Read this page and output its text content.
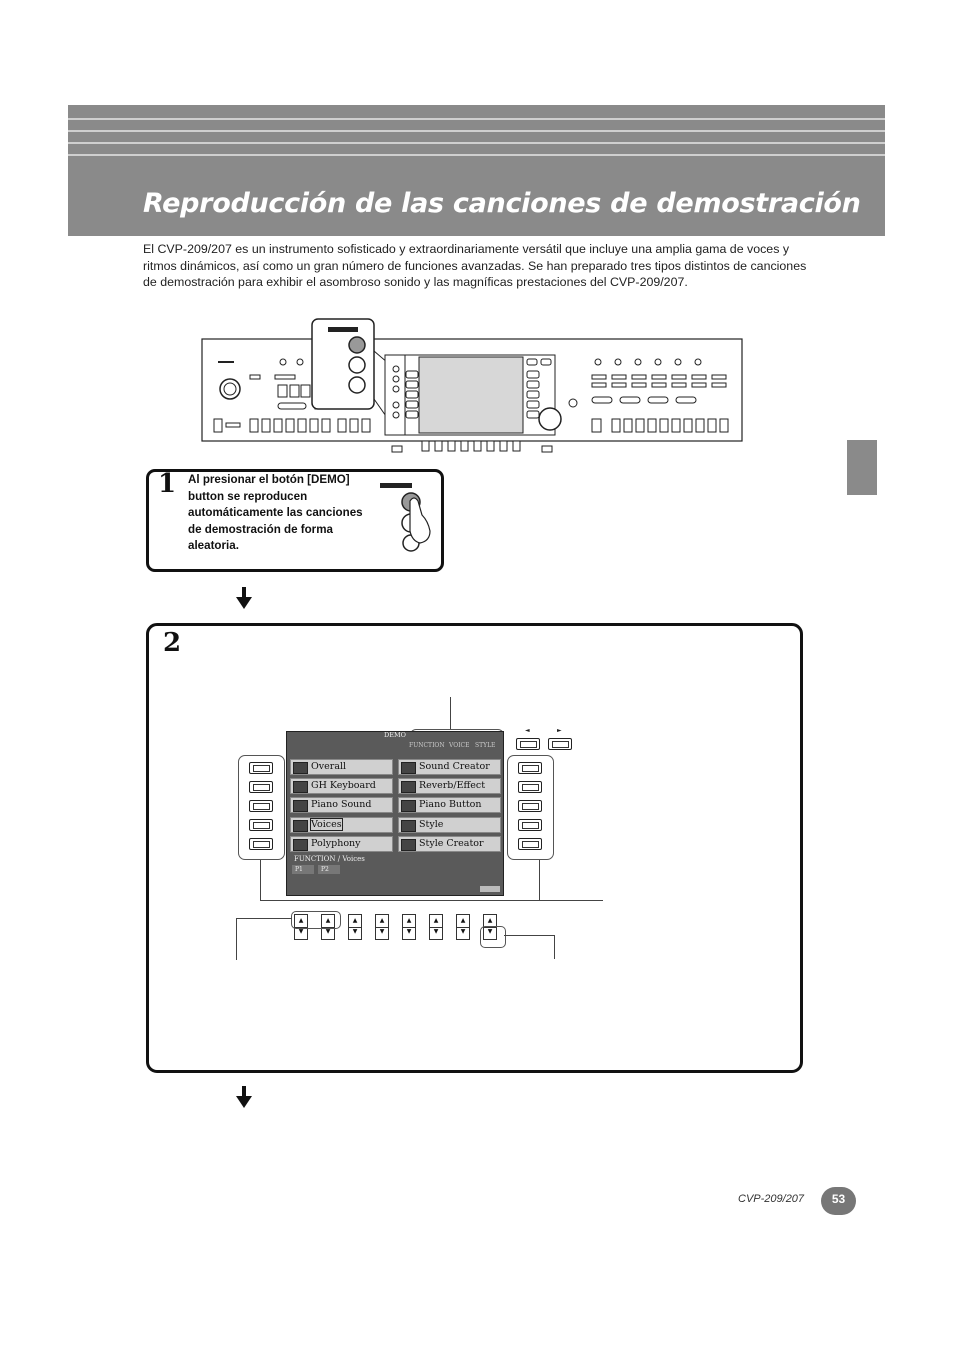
Reproducción de las canciones de demostración
El CVP-209/207 es un instrumento sofisticado y extraordinariamente versátil que incluye una amplia gama de voces y ritmos dinámicos, así como un gran número de funciones avanzadas. Se han preparado tres tipos distintos de canciones de demostración para exhibir el asombroso sonido y las magníficas prestaciones del CVP-209/207.
1 Al presionar el botón [DEMO] button se reproducen automáticamente las canciones de demostración de forma aleatoria.
2
DEMO
FUNCTION VOICE STYLE
Overall
GH Keyboard
Piano Sound
Voices
Polyphony
Sound Creator
Reverb/Effect
Piano Button
Style
Style Creator
FUNCTION / Voices
P1	P2
◄	►
▲

▼
▲

▼
▲

▼
▲

▼
▲

▼
▲

▼
▲

▼
▲

▼
CVP-209/207	53
